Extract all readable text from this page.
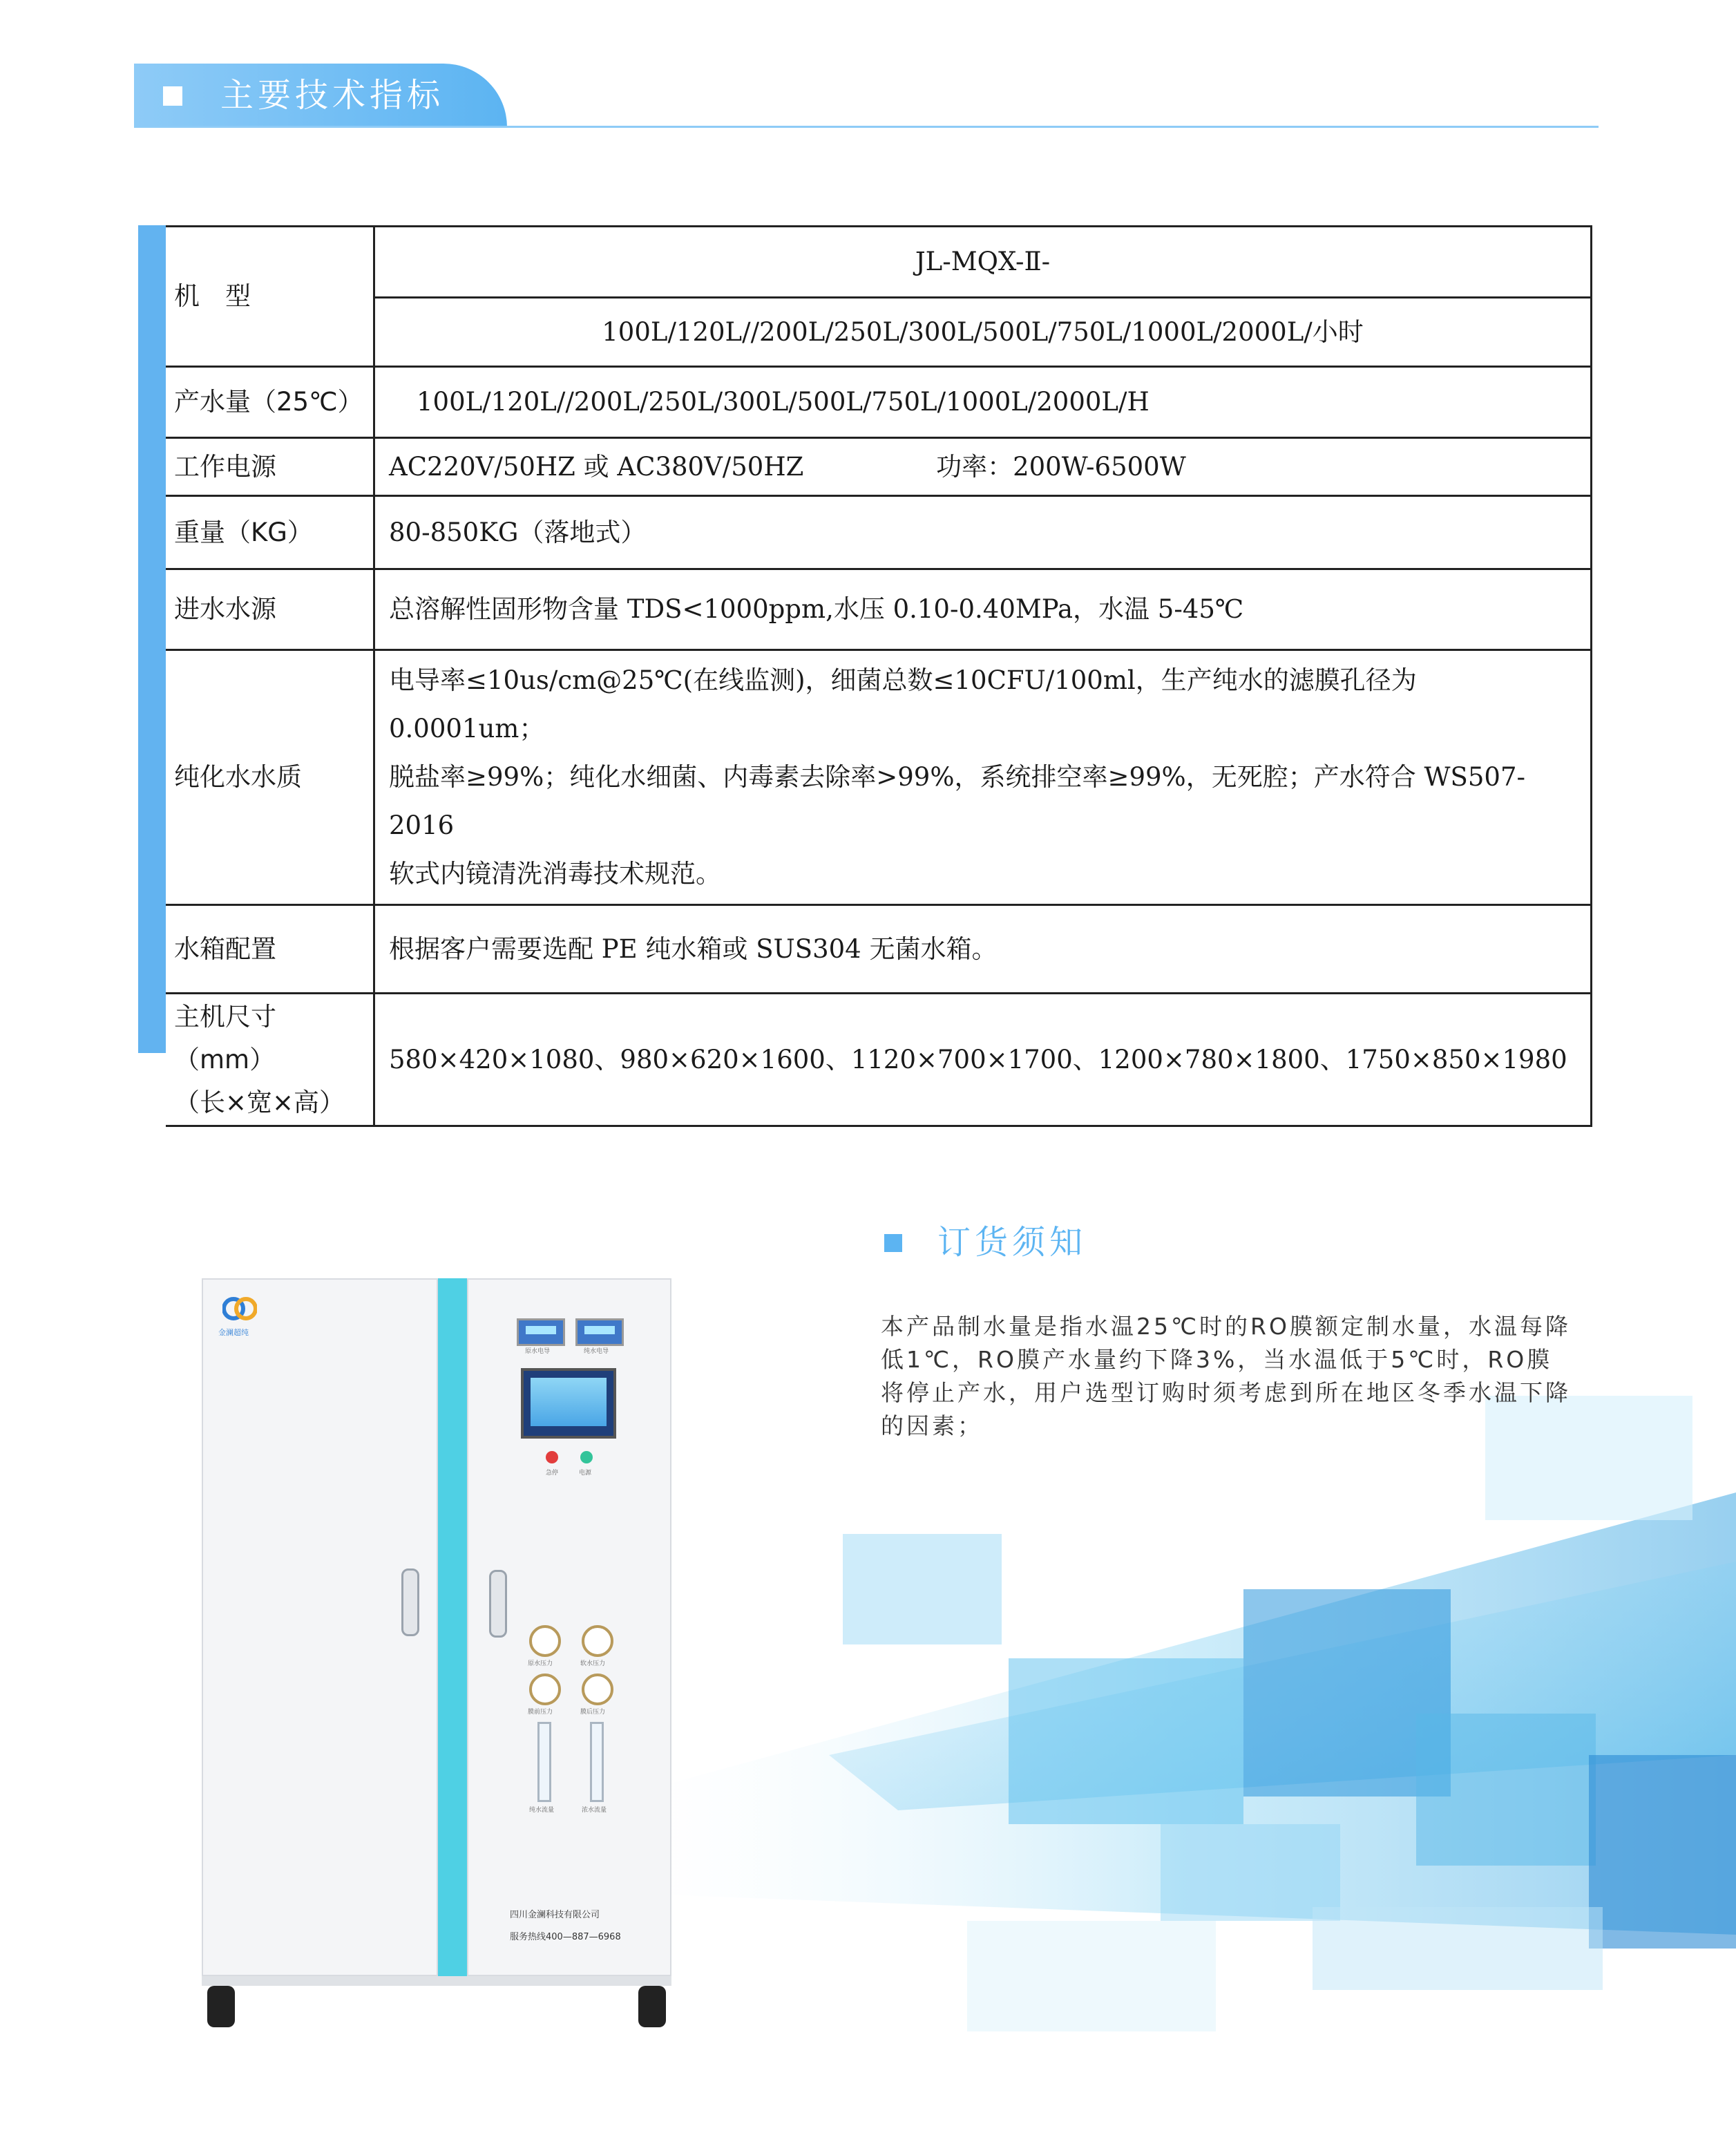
主要技术指标
机　型	JL-MQX-Ⅱ-
	100L/120L//200L/250L/300L/500L/750L/1000L/2000L/小时
产水量（25℃）	100L/120L//200L/250L/300L/500L/750L/1000L/2000L/H
工作电源	AC220V/50HZ 或 AC380V/50HZ 功率：200W-6500W
重量（KG）	80-850KG（落地式）
进水水源	总溶解性固形物含量 TDS<1000ppm,水压 0.10-0.40MPa，水温 5-45℃
纯化水水质	电导率≤10us/cm@25℃(在线监测)，细菌总数≤10CFU/100ml，生产纯水的滤膜孔径为 0.0001um；
脱盐率≥99%；纯化水细菌、内毒素去除率>99%，系统排空率≥99%，无死腔；产水符合 WS507-2016
软式内镜清洗消毒技术规范。

水箱配置	根据客户需要选配 PE 纯水箱或 SUS304 无菌水箱。

主机尺寸（mm）
（长×宽×高）	580×420×1080、980×620×1600、1120×700×1700、1200×780×1800、1750×850×1980
订货须知
本产品制水量是指水温25℃时的RO膜额定制水量，水温每降低1℃，RO膜产水量约下降3%，当水温低于5℃时，RO膜将停止产水，用户选型订购时须考虑到所在地区冬季水温下降的因素；
金澜超纯
原水电导	纯水电导
急停	电源
原水压力	软水压力
膜前压力	膜后压力
纯水流量	浓水流量
四川金澜科技有限公司
服务热线400—887—6968
